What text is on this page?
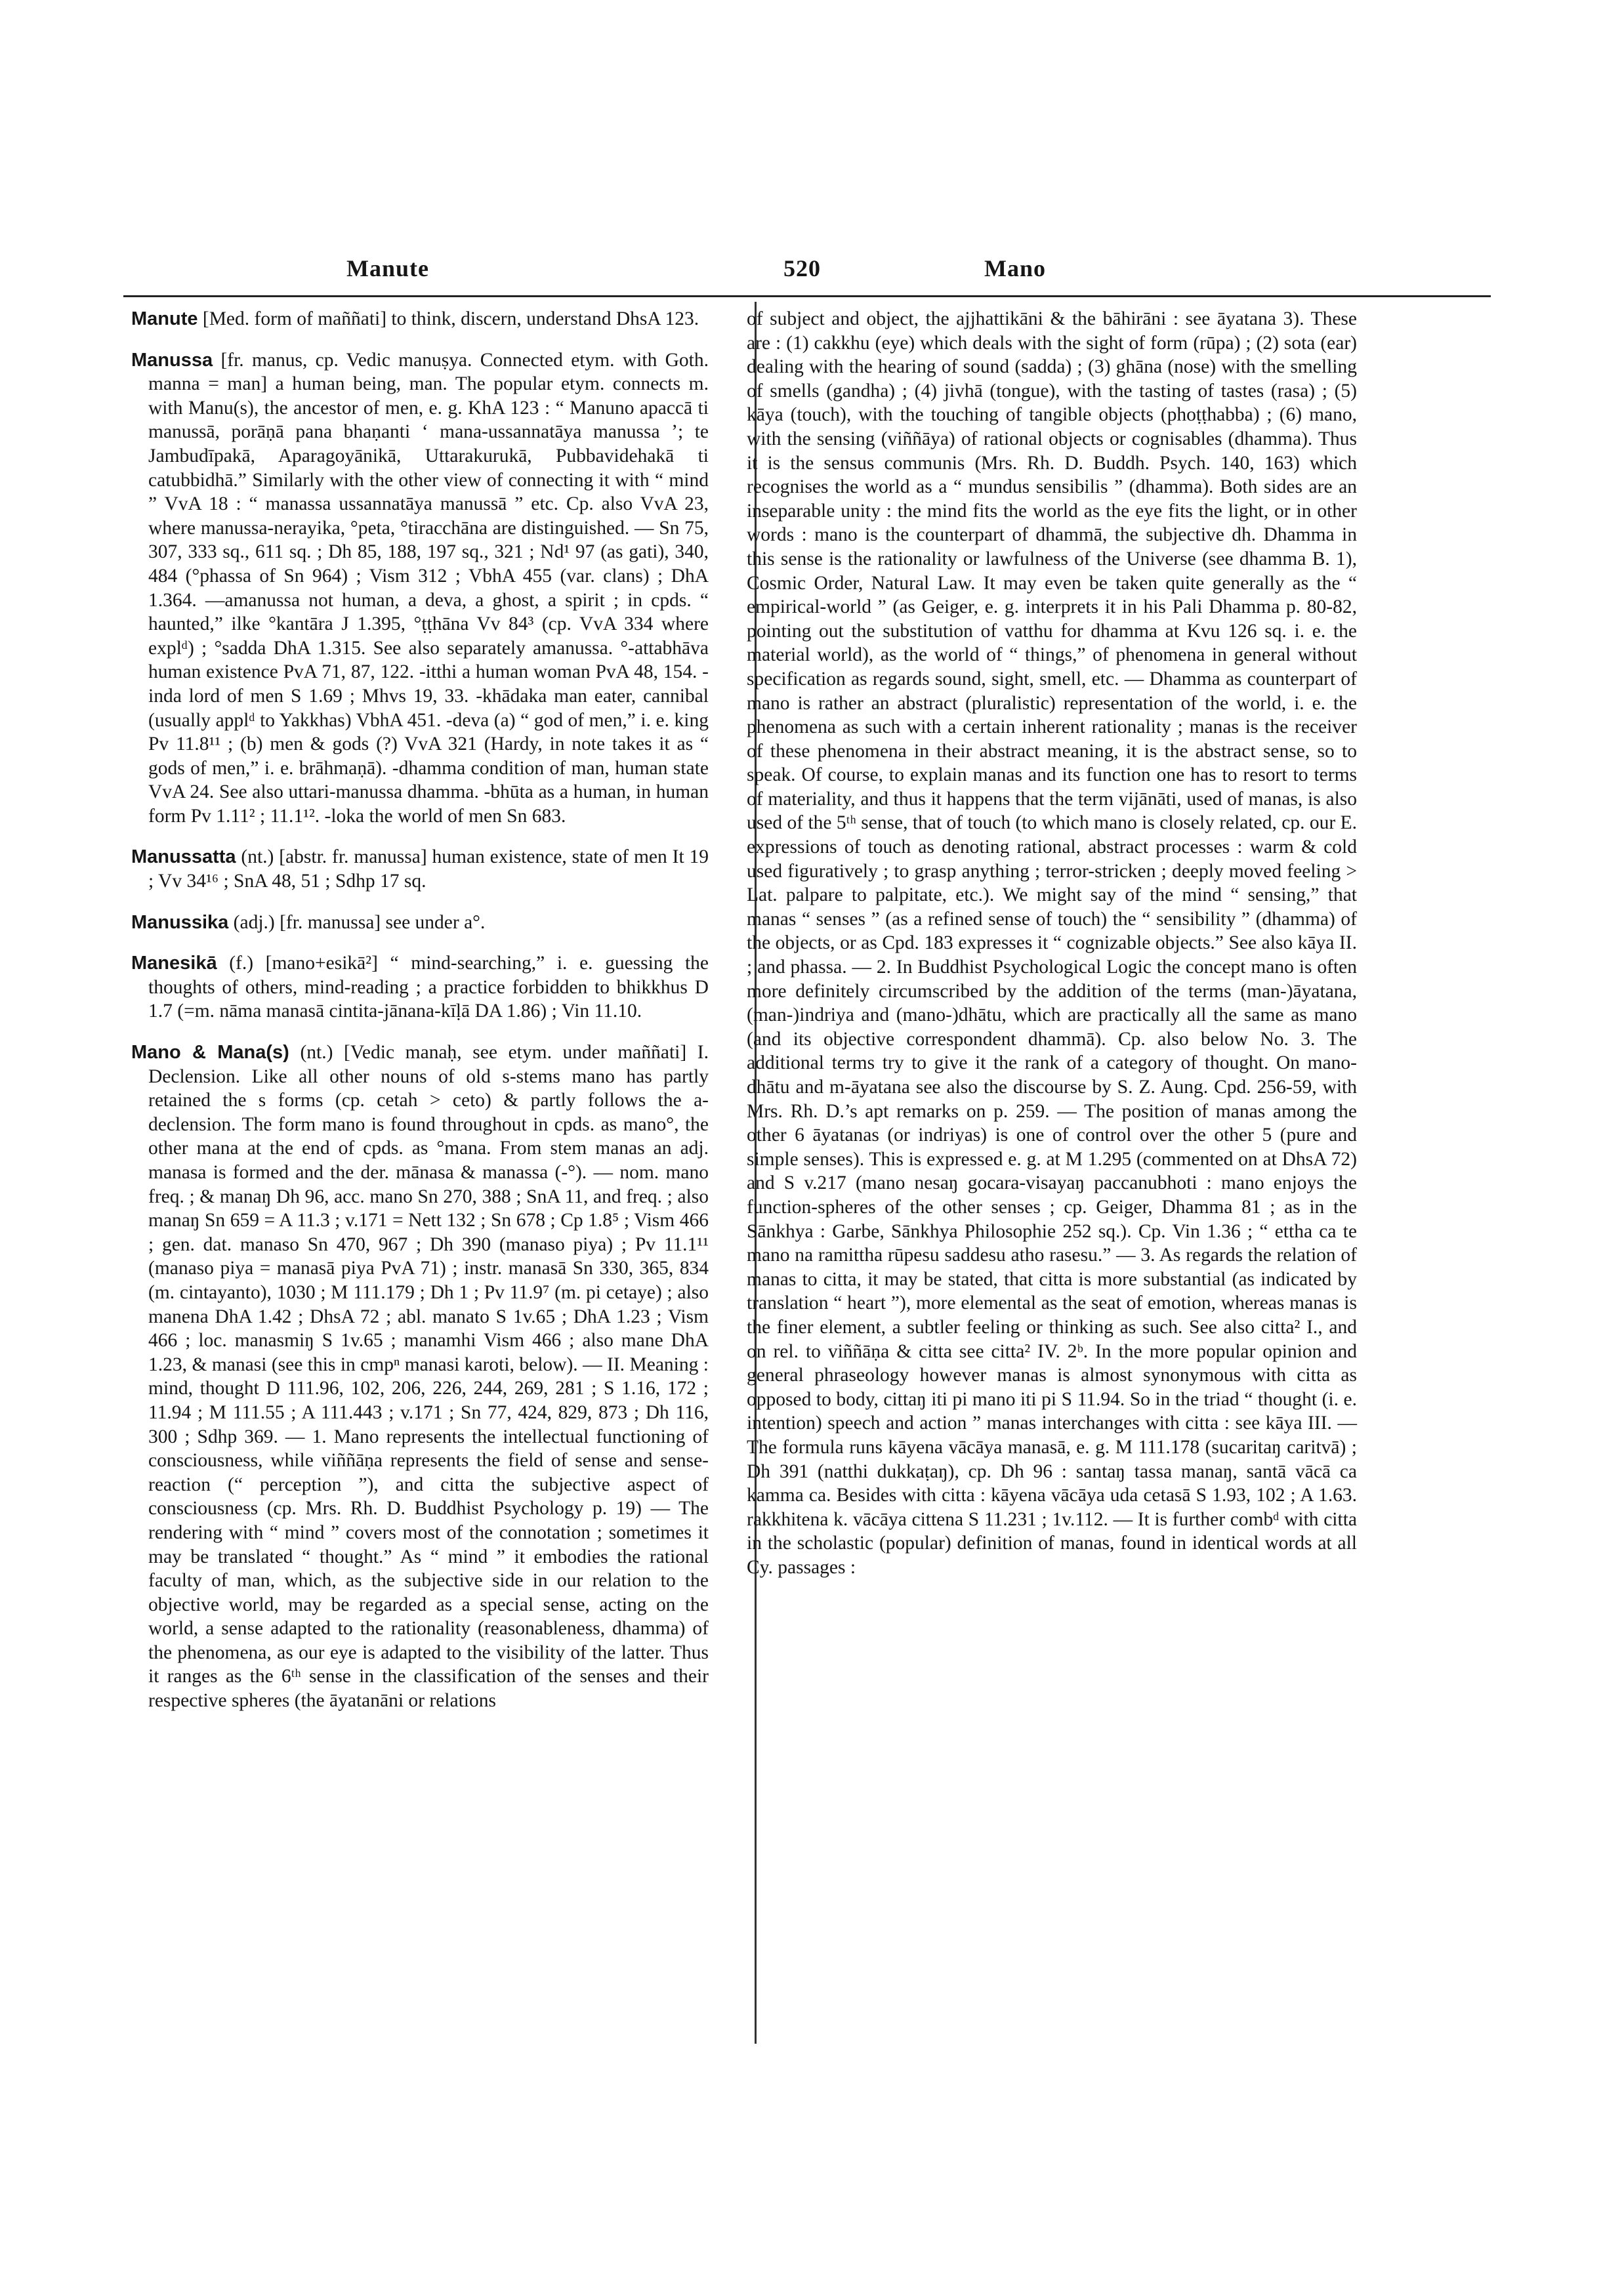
Manute	520	Mano

Manute [Med. form of maññati] to think, discern, understand DhsA 123.

Manussa [fr. manus, cp. Vedic manuṣya. Connected etym. with Goth. manna = man] a human being, man. The popular etym. connects m. with Manu(s), the ancestor of men, e. g. KhA 123 : “ Manuno apaccā ti manussā, porāṇā pana bhaṇanti ‘ mana-ussannatāya manussa ’; te Jambudīpakā, Aparagoyānikā, Uttarakurukā, Pubbavidehakā ti catubbidhā.” Similarly with the other view of connecting it with “ mind ” VvA 18 : “ manassa ussannatāya manussā ” etc. Cp. also VvA 23, where manussa-nerayika, °peta, °tiracchāna are distinguished. — Sn 75, 307, 333 sq., 611 sq. ; Dh 85, 188, 197 sq., 321 ; Nd¹ 97 (as gati), 340, 484 (°phassa of Sn 964) ; Vism 312 ; VbhA 455 (var. clans) ; DhA 1.364. —amanussa not human, a deva, a ghost, a spirit ; in cpds. “ haunted,” ilke °kantāra J 1.395, °ṭṭhāna Vv 84³ (cp. VvA 334 where explᵈ) ; °sadda DhA 1.315. See also separately amanussa. °-attabhāva human existence PvA 71, 87, 122. -itthi a human woman PvA 48, 154. -inda lord of men S 1.69 ; Mhvs 19, 33. -khādaka man eater, cannibal (usually applᵈ to Yakkhas) VbhA 451. -deva (a) “ god of men,” i. e. king Pv 11.8¹¹ ; (b) men & gods (?) VvA 321 (Hardy, in note takes it as “ gods of men,” i. e. brāhmaṇā). -dhamma condition of man, human state VvA 24. See also uttari-manussa dhamma. -bhūta as a human, in human form Pv 1.11² ; 11.1¹². -loka the world of men Sn 683.

Manussatta (nt.) [abstr. fr. manussa] human existence, state of men It 19 ; Vv 34¹⁶ ; SnA 48, 51 ; Sdhp 17 sq.

Manussika (adj.) [fr. manussa] see under a°.

Manesikā (f.) [mano+esikā²] “ mind-searching,” i. e. guessing the thoughts of others, mind-reading ; a practice forbidden to bhikkhus D 1.7 (=m. nāma manasā cintita-jānana-kīḷā DA 1.86) ; Vin 11.10.

Mano & Mana(s) (nt.) [Vedic manaḥ, see etym. under maññati] I. Declension. Like all other nouns of old s-stems mano has partly retained the s forms (cp. cetah > ceto) & partly follows the a-declension. The form mano is found throughout in cpds. as mano°, the other mana at the end of cpds. as °mana. From stem manas an adj. manasa is formed and the der. mānasa & manassa (-°). — nom. mano freq. ; & manaŋ Dh 96, acc. mano Sn 270, 388 ; SnA 11, and freq. ; also manaŋ Sn 659 = A 11.3 ; v.171 = Nett 132 ; Sn 678 ; Cp 1.8⁵ ; Vism 466 ; gen. dat. manaso Sn 470, 967 ; Dh 390 (manaso piya) ; Pv 11.1¹¹ (manaso piya = manasā piya PvA 71) ; instr. manasā Sn 330, 365, 834 (m. cintayanto), 1030 ; M 111.179 ; Dh 1 ; Pv 11.9⁷ (m. pi cetaye) ; also manena DhA 1.42 ; DhsA 72 ; abl. manato S 1v.65 ; DhA 1.23 ; Vism 466 ; loc. manasmiŋ S 1v.65 ; manamhi Vism 466 ; also mane DhA 1.23, & manasi (see this in cmpⁿ manasi karoti, below). — II. Meaning : mind, thought D 111.96, 102, 206, 226, 244, 269, 281 ; S 1.16, 172 ; 11.94 ; M 111.55 ; A 111.443 ; v.171 ; Sn 77, 424, 829, 873 ; Dh 116, 300 ; Sdhp 369. — 1. Mano represents the intellectual functioning of consciousness, while viññāṇa represents the field of sense and sense-reaction (“ perception ”), and citta the subjective aspect of consciousness (cp. Mrs. Rh. D. Buddhist Psychology p. 19) — The rendering with “ mind ” covers most of the connotation ; sometimes it may be translated “ thought.” As “ mind ” it embodies the rational faculty of man, which, as the subjective side in our relation to the objective world, may be regarded as a special sense, acting on the world, a sense adapted to the rationality (reasonableness, dhamma) of the phenomena, as our eye is adapted to the visibility of the latter. Thus it ranges as the 6ᵗʰ sense in the classification of the senses and their respective spheres (the āyatanāni or relations

of subject and object, the ajjhattikāni & the bāhirāni : see āyatana 3). These are : (1) cakkhu (eye) which deals with the sight of form (rūpa) ; (2) sota (ear) dealing with the hearing of sound (sadda) ; (3) ghāna (nose) with the smelling of smells (gandha) ; (4) jivhā (tongue), with the tasting of tastes (rasa) ; (5) kāya (touch), with the touching of tangible objects (phoṭṭhabba) ; (6) mano, with the sensing (viññāya) of rational objects or cognisables (dhamma). Thus it is the sensus communis (Mrs. Rh. D. Buddh. Psych. 140, 163) which recognises the world as a “ mundus sensibilis ” (dhamma). Both sides are an inseparable unity : the mind fits the world as the eye fits the light, or in other words : mano is the counterpart of dhammā, the subjective dh. Dhamma in this sense is the rationality or lawfulness of the Universe (see dhamma B. 1), Cosmic Order, Natural Law. It may even be taken quite generally as the “ empirical-world ” (as Geiger, e. g. interprets it in his Pali Dhamma p. 80-82, pointing out the substitution of vatthu for dhamma at Kvu 126 sq. i. e. the material world), as the world of “ things,” of phenomena in general without specification as regards sound, sight, smell, etc. — Dhamma as counterpart of mano is rather an abstract (pluralistic) representation of the world, i. e. the phenomena as such with a certain inherent rationality ; manas is the receiver of these phenomena in their abstract meaning, it is the abstract sense, so to speak. Of course, to explain manas and its function one has to resort to terms of materiality, and thus it happens that the term vijānāti, used of manas, is also used of the 5ᵗʰ sense, that of touch (to which mano is closely related, cp. our E. expressions of touch as denoting rational, abstract processes : warm & cold used figuratively ; to grasp anything ; terror-stricken ; deeply moved feeling > Lat. palpare to palpitate, etc.). We might say of the mind “ sensing,” that manas “ senses ” (as a refined sense of touch) the “ sensibility ” (dhamma) of the objects, or as Cpd. 183 expresses it “ cognizable objects.” See also kāya II. ; and phassa. — 2. In Buddhist Psychological Logic the concept mano is often more definitely circumscribed by the addition of the terms (man-)āyatana, (man-)indriya and (mano-)dhātu, which are practically all the same as mano (and its objective correspondent dhammā). Cp. also below No. 3. The additional terms try to give it the rank of a category of thought. On mano-dhātu and m-āyatana see also the discourse by S. Z. Aung. Cpd. 256-59, with Mrs. Rh. D.’s apt remarks on p. 259. — The position of manas among the other 6 āyatanas (or indriyas) is one of control over the other 5 (pure and simple senses). This is expressed e. g. at M 1.295 (commented on at DhsA 72) and S v.217 (mano nesaŋ gocara-visayaŋ paccanubhoti : mano enjoys the function-spheres of the other senses ; cp. Geiger, Dhamma 81 ; as in the Sānkhya : Garbe, Sānkhya Philosophie 252 sq.). Cp. Vin 1.36 ; “ ettha ca te mano na ramittha rūpesu saddesu atho rasesu.” — 3. As regards the relation of manas to citta, it may be stated, that citta is more substantial (as indicated by translation “ heart ”), more elemental as the seat of emotion, whereas manas is the finer element, a subtler feeling or thinking as such. See also citta² I., and on rel. to viññāṇa & citta see citta² IV. 2ᵇ. In the more popular opinion and general phraseology however manas is almost synonymous with citta as opposed to body, cittaŋ iti pi mano iti pi S 11.94. So in the triad “ thought (i. e. intention) speech and action ” manas interchanges with citta : see kāya III. — The formula runs kāyena vācāya manasā, e. g. M 111.178 (sucaritaŋ caritvā) ; Dh 391 (natthi dukkaṭaŋ), cp. Dh 96 : santaŋ tassa manaŋ, santā vācā ca kamma ca. Besides with citta : kāyena vācāya uda cetasā S 1.93, 102 ; A 1.63. rakkhitena k. vācāya cittena S 11.231 ; 1v.112. — It is further combᵈ with citta in the scholastic (popular) definition of manas, found in identical words at all Cy. passages :
